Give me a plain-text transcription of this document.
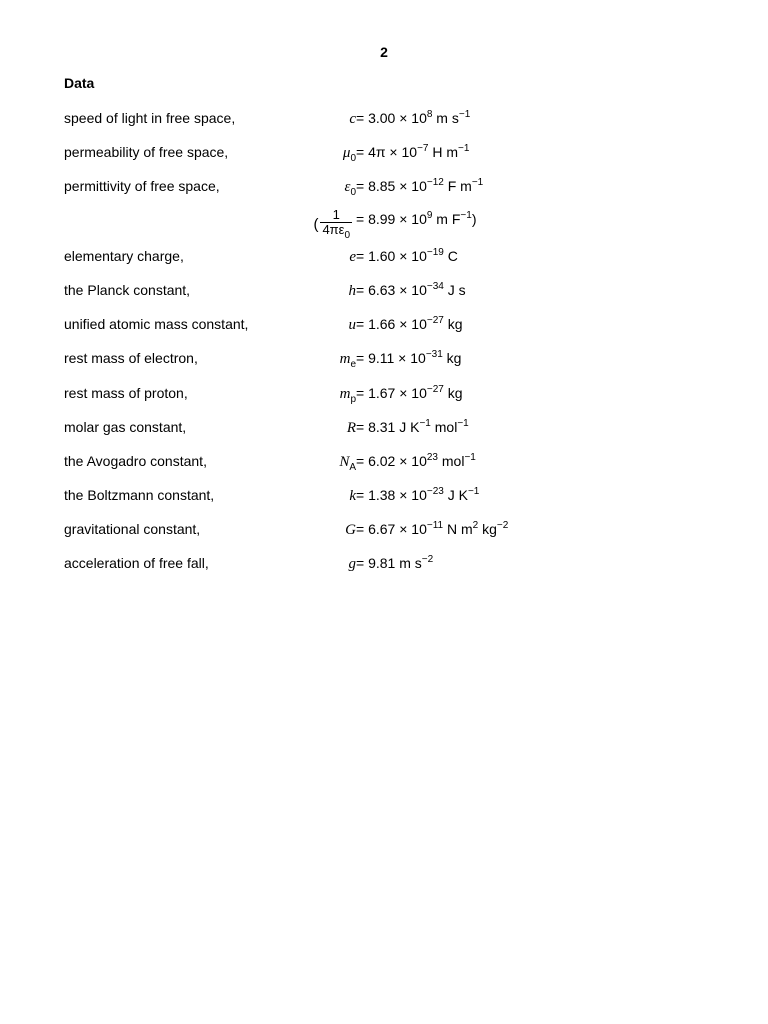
2
Data
speed of light in free space,	$c = 3.00 \times 10^8$ m $s^{-1}$
permeability of free space,	$\mu_0 = 4\pi \times 10^{-7}$ H $m^{-1}$
permittivity of free space,	$\varepsilon_0 = 8.85 \times 10^{-12}$ F $m^{-1}$
elementary charge,	$e = 1.60 \times 10^{-19}$ C
the Planck constant,	$h = 6.63 \times 10^{-34}$ J s
unified atomic mass constant,	$u = 1.66 \times 10^{-27}$ kg
rest mass of electron,	$m_e = 9.11 \times 10^{-31}$ kg
rest mass of proton,	$m_p = 1.67 \times 10^{-27}$ kg
molar gas constant,	R = 8.31 J $K^{-1}$ mol$^{-1}$
the Avogadro constant,	$N_A = 6.02 \times 10^{23}$ mol$^{-1}$
the Boltzmann constant,	$k = 1.38 \times 10^{-23}$ J $K^{-1}$
gravitational constant,	$G = 6.67 \times 10^{-11}$ N $m^2$ $kg^{-2}$
acceleration of free fall,	g = 9.81 m $s^{-2}$
( $\frac{1}{4\pi\varepsilon_0} = 8.99 \times 10^9$ m $F^{-1}$)
